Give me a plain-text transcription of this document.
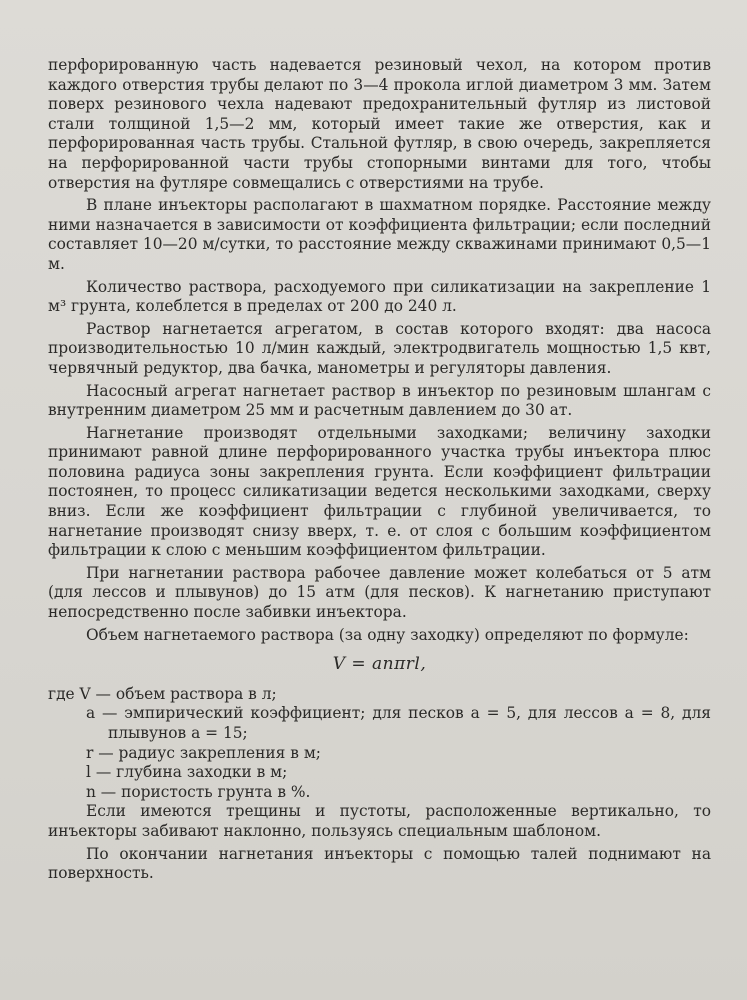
перфорированную часть надевается резиновый чехол, на котором против каждого отверстия трубы делают по 3—4 прокола иглой диаметром 3 мм. Затем поверх резинового чехла надевают предохранительный футляр из листовой стали толщиной 1,5—2 мм, который имеет такие же отверстия, как и перфорированная часть трубы. Стальной футляр, в свою очередь, закрепляется на перфорированной части трубы стопорными винтами для того, чтобы отверстия на футляре совмещались с отверстиями на трубе.

В плане инъекторы располагают в шахматном порядке. Расстояние между ними назначается в зависимости от коэффициента фильтрации; если последний составляет 10—20 м/сутки, то расстояние между скважинами принимают 0,5—1 м.

Количество раствора, расходуемого при силикатизации на закрепление 1 м³ грунта, колеблется в пределах от 200 до 240 л.

Раствор нагнетается агрегатом, в состав которого входят: два насоса производительностью 10 л/мин каждый, электродвигатель мощностью 1,5 квт, червячный редуктор, два бачка, манометры и регуляторы давления.

Насосный агрегат нагнетает раствор в инъектор по резиновым шлангам с внутренним диаметром 25 мм и расчетным давлением до 30 ат.

Нагнетание производят отдельными заходками; величину заходки принимают равной длине перфорированного участка трубы инъектора плюс половина радиуса зоны закрепления грунта. Если коэффициент фильтрации постоянен, то процесс силикатизации ведется несколькими заходками, сверху вниз. Если же коэффициент фильтрации с глубиной увеличивается, то нагнетание производят снизу вверх, т. е. от слоя с большим коэффициентом фильтрации к слою с меньшим коэффициентом фильтрации.

При нагнетании раствора рабочее давление может колебаться от 5 атм (для лессов и плывунов) до 15 атм (для песков). К нагнетанию приступают непосредственно после забивки инъектора.

Объем нагнетаемого раствора (за одну заходку) определяют по формуле:

V = anπrl,

где V — объем раствора в л;

a — эмпирический коэффициент; для песков a = 5, для лессов a = 8, для плывунов a = 15;
r — радиус закрепления в м;
l — глубина заходки в м;
n — пористость грунта в %.

Если имеются трещины и пустоты, расположенные вертикально, то инъекторы забивают наклонно, пользуясь специальным шаблоном.

По окончании нагнетания инъекторы с помощью талей поднимают на поверхность.
